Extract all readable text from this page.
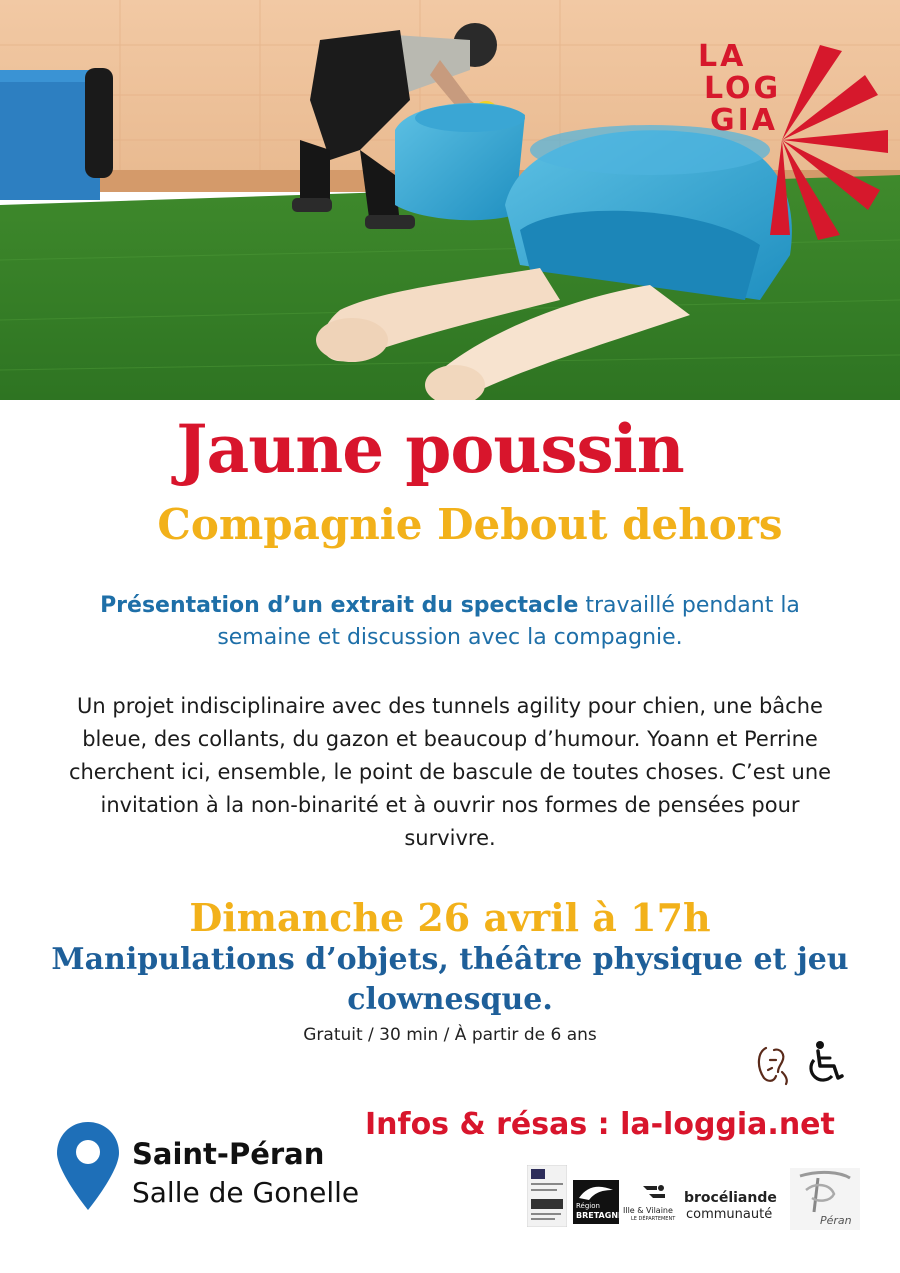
LA
LOG
GIA
Jaune poussin
Compagnie Debout dehors
Présentation d’un extrait du spectacle travaillé pendant la semaine et discussion avec la compagnie.
Un projet indisciplinaire avec des tunnels agility pour chien, une bâche bleue, des collants, du gazon et beaucoup d’humour. Yoann et Perrine cherchent ici, ensemble, le point de bascule de toutes choses. C’est une invitation à la non-binarité et à ouvrir nos formes de pensées pour survivre.
Dimanche 26 avril à 17h
Manipulations d’objets, théâtre physique et jeu clownesque.
Gratuit / 30 min / À partir de 6 ans
Infos & résas : la-loggia.net
Saint-Péran
Salle de Gonelle	Région
BRETAGNE
Ille & Vilaine
LE DÉPARTEMENT
brocéliande
communauté	Péran
